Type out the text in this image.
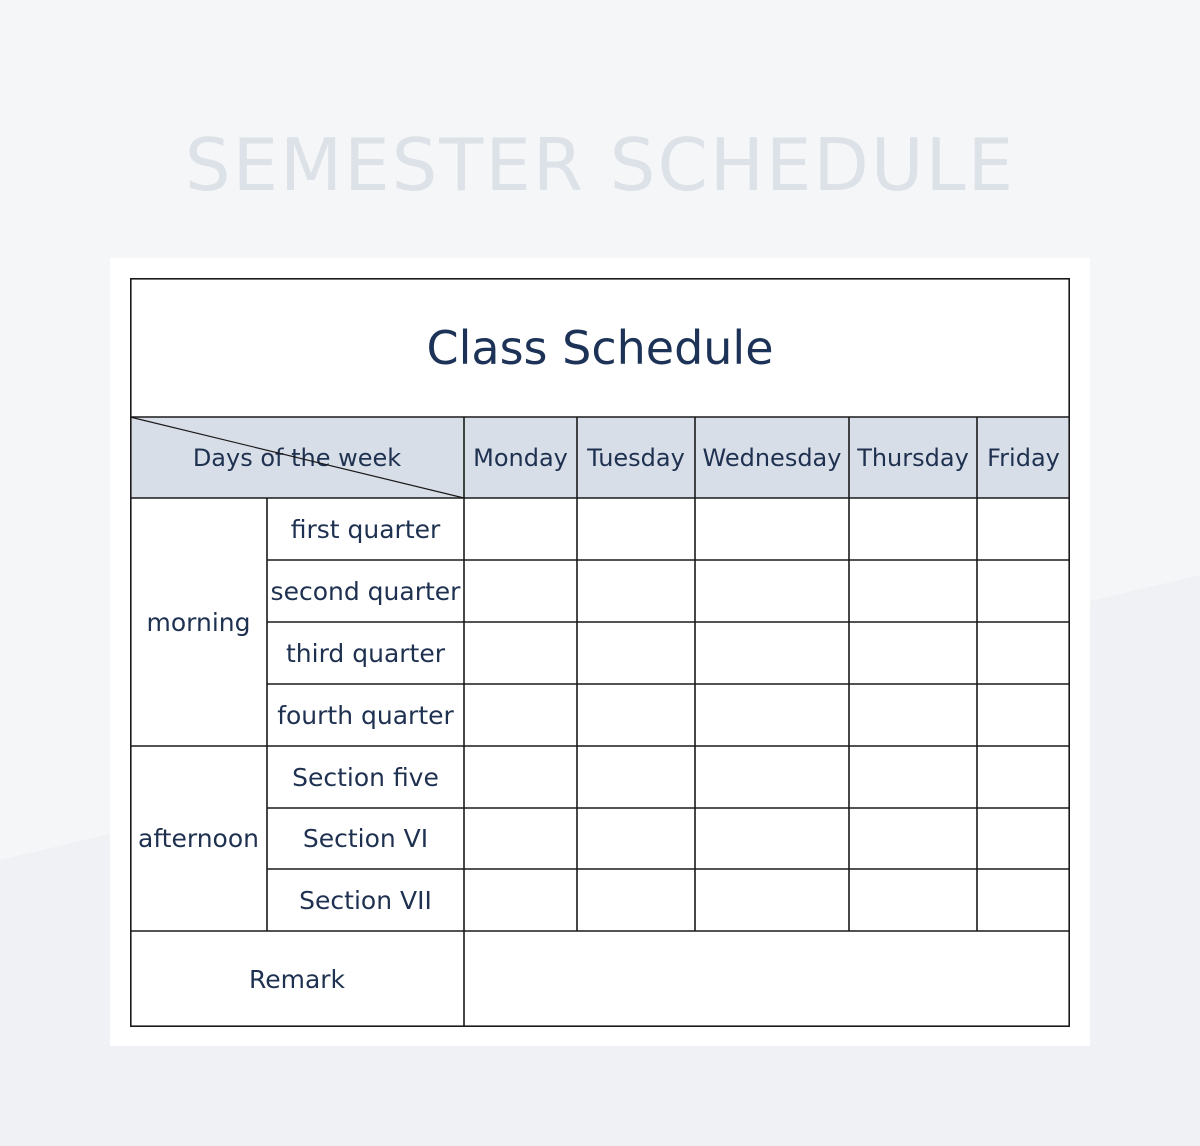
SEMESTER SCHEDULE
Class Schedule
Days of the week	Monday Tuesday Wednesday Thursday Friday
morning
afternoon
first quarter
second quarter
third quarter
fourth quarter
Section five
Section VI
Section VII
Remark
